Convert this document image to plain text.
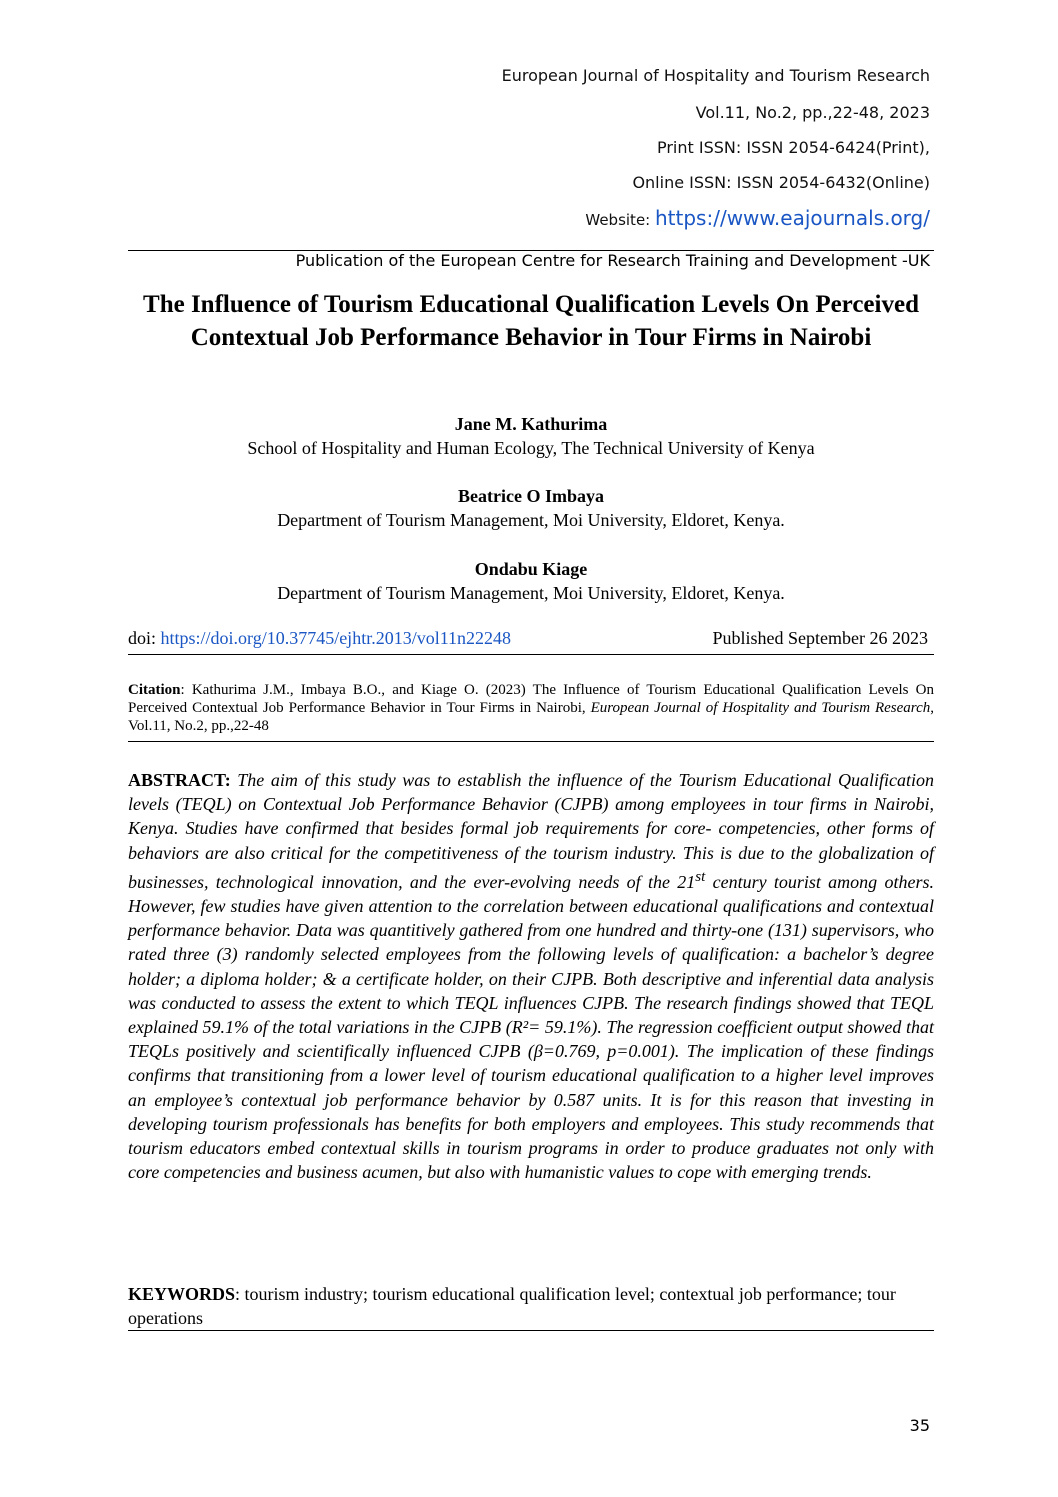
European Journal of Hospitality and Tourism Research
Vol.11, No.2, pp.,22-48, 2023
Print ISSN: ISSN 2054-6424(Print),
Online ISSN: ISSN 2054-6432(Online)
Website: https://www.eajournals.org/
Publication of the European Centre for Research Training and Development -UK
The Influence of Tourism Educational Qualification Levels On Perceived Contextual Job Performance Behavior in Tour Firms in Nairobi
Jane M. Kathurima
School of Hospitality and Human Ecology, The Technical University of Kenya
Beatrice O Imbaya
Department of Tourism Management, Moi University, Eldoret, Kenya.
Ondabu Kiage
Department of Tourism Management, Moi University, Eldoret, Kenya.
doi: https://doi.org/10.37745/ejhtr.2013/vol11n22248	Published September 26 2023
Citation: Kathurima J.M., Imbaya B.O., and Kiage O. (2023) The Influence of Tourism Educational Qualification Levels On Perceived Contextual Job Performance Behavior in Tour Firms in Nairobi, European Journal of Hospitality and Tourism Research, Vol.11, No.2, pp.,22-48
ABSTRACT: The aim of this study was to establish the influence of the Tourism Educational Qualification levels (TEQL) on Contextual Job Performance Behavior (CJPB) among employees in tour firms in Nairobi, Kenya. Studies have confirmed that besides formal job requirements for core- competencies, other forms of behaviors are also critical for the competitiveness of the tourism industry. This is due to the globalization of businesses, technological innovation, and the ever-evolving needs of the 21st century tourist among others. However, few studies have given attention to the correlation between educational qualifications and contextual performance behavior. Data was quantitively gathered from one hundred and thirty-one (131) supervisors, who rated three (3) randomly selected employees from the following levels of qualification: a bachelor’s degree holder; a diploma holder; & a certificate holder, on their CJPB. Both descriptive and inferential data analysis was conducted to assess the extent to which TEQL influences CJPB. The research findings showed that TEQL explained 59.1% of the total variations in the CJPB (R²= 59.1%). The regression coefficient output showed that TEQLs positively and scientifically influenced CJPB (β=0.769, p=0.001). The implication of these findings confirms that transitioning from a lower level of tourism educational qualification to a higher level improves an employee’s contextual job performance behavior by 0.587 units. It is for this reason that investing in developing tourism professionals has benefits for both employers and employees. This study recommends that tourism educators embed contextual skills in tourism programs in order to produce graduates not only with core competencies and business acumen, but also with humanistic values to cope with emerging trends.
KEYWORDS: tourism industry; tourism educational qualification level; contextual job performance; tour operations
35
